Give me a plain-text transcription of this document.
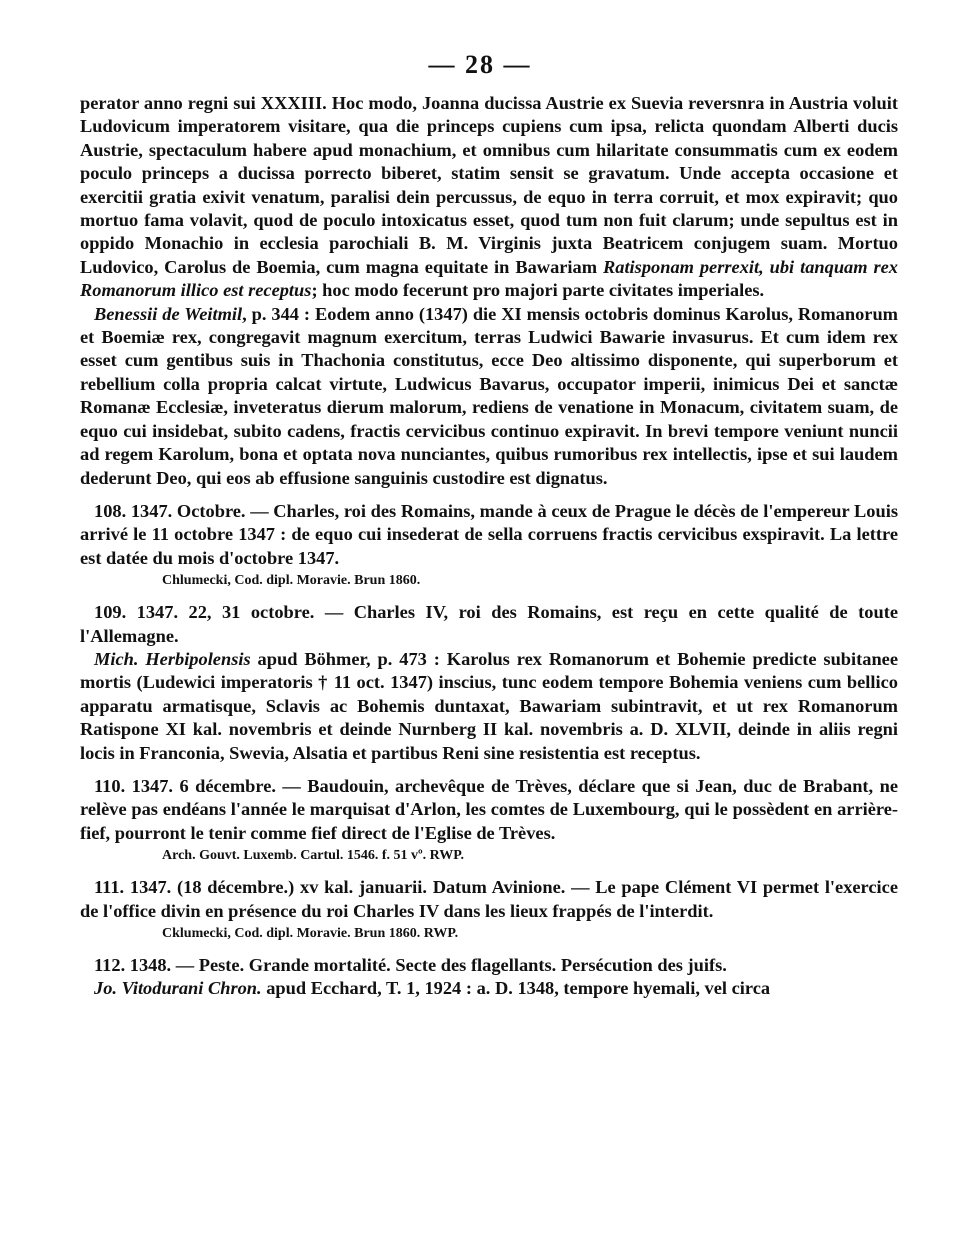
— 28 —

perator anno regni sui XXXIII. Hoc modo, Joanna ducissa Austrie ex Suevia reversnra in Austria voluit Ludovicum imperatorem visitare, qua die princeps cupiens cum ipsa, relicta quondam Alberti ducis Austrie, spectaculum habere apud monachium, et omnibus cum hilaritate consummatis cum ex eodem poculo princeps a ducissa porrecto biberet, statim sensit se gravatum. Unde accepta occasione et exercitii gratia exivit venatum, paralisi dein percussus, de equo in terra corruit, et mox expiravit; quo mortuo fama volavit, quod de poculo intoxicatus esset, quod tum non fuit clarum; unde sepultus est in oppido Monachio in ecclesia parochiali B. M. Virginis juxta Beatricem conjugem suam. Mortuo Ludovico, Carolus de Boemia, cum magna equitate in Bawariam Ratisponam perrexit, ubi tanquam rex Romanorum illico est receptus; hoc modo fecerunt pro majori parte civitates imperiales.

Benessii de Weitmil, p. 344 : Eodem anno (1347) die XI mensis octobris dominus Karolus, Romanorum et Boemiæ rex, congregavit magnum exercitum, terras Ludwici Bawarie invasurus. Et cum idem rex esset cum gentibus suis in Thachonia constitutus, ecce Deo altissimo disponente, qui superborum et rebellium colla propria calcat virtute, Ludwicus Bavarus, occupator imperii, inimicus Dei et sanctæ Romanæ Ecclesiæ, inveteratus dierum malorum, rediens de venatione in Monacum, civitatem suam, de equo cui insidebat, subito cadens, fractis cervicibus continuo expiravit. In brevi tempore veniunt nuncii ad regem Karolum, bona et optata nova nunciantes, quibus rumoribus rex intellectis, ipse et sui laudem dederunt Deo, qui eos ab effusione sanguinis custodire est dignatus.

108. 1347. Octobre. — Charles, roi des Romains, mande à ceux de Prague le décès de l'empereur Louis arrivé le 11 octobre 1347 : de equo cui insederat de sella corruens fractis cervicibus exspiravit. La lettre est datée du mois d'octobre 1347.

Chlumecki, Cod. dipl. Moravie. Brun 1860.

109. 1347. 22, 31 octobre. — Charles IV, roi des Romains, est reçu en cette qualité de toute l'Allemagne.

Mich. Herbipolensis apud Böhmer, p. 473 : Karolus rex Romanorum et Bohemie predicte subitanee mortis (Ludewici imperatoris † 11 oct. 1347) inscius, tunc eodem tempore Bohemia veniens cum bellico apparatu armatisque, Sclavis ac Bohemis duntaxat, Bawariam subintravit, et ut rex Romanorum Ratispone XI kal. novembris et deinde Nurnberg II kal. novembris a. D. XLVII, deinde in aliis regni locis in Franconia, Swevia, Alsatia et partibus Reni sine resistentia est receptus.

110. 1347. 6 décembre. — Baudouin, archevêque de Trèves, déclare que si Jean, duc de Brabant, ne relève pas endéans l'année le marquisat d'Arlon, les comtes de Luxembourg, qui le possèdent en arrière-fief, pourront le tenir comme fief direct de l'Eglise de Trèves.

Arch. Gouvt. Luxemb. Cartul. 1546. f. 51 vº. RWP.

111. 1347. (18 décembre.) xv kal. januarii. Datum Avinione. — Le pape Clément VI permet l'exercice de l'office divin en présence du roi Charles IV dans les lieux frappés de l'interdit.

Cklumecki, Cod. dipl. Moravie. Brun 1860. RWP.

112. 1348. — Peste. Grande mortalité. Secte des flagellants. Persécution des juifs.

Jo. Vitodurani Chron. apud Ecchard, T. 1, 1924 : a. D. 1348, tempore hyemali, vel circa
